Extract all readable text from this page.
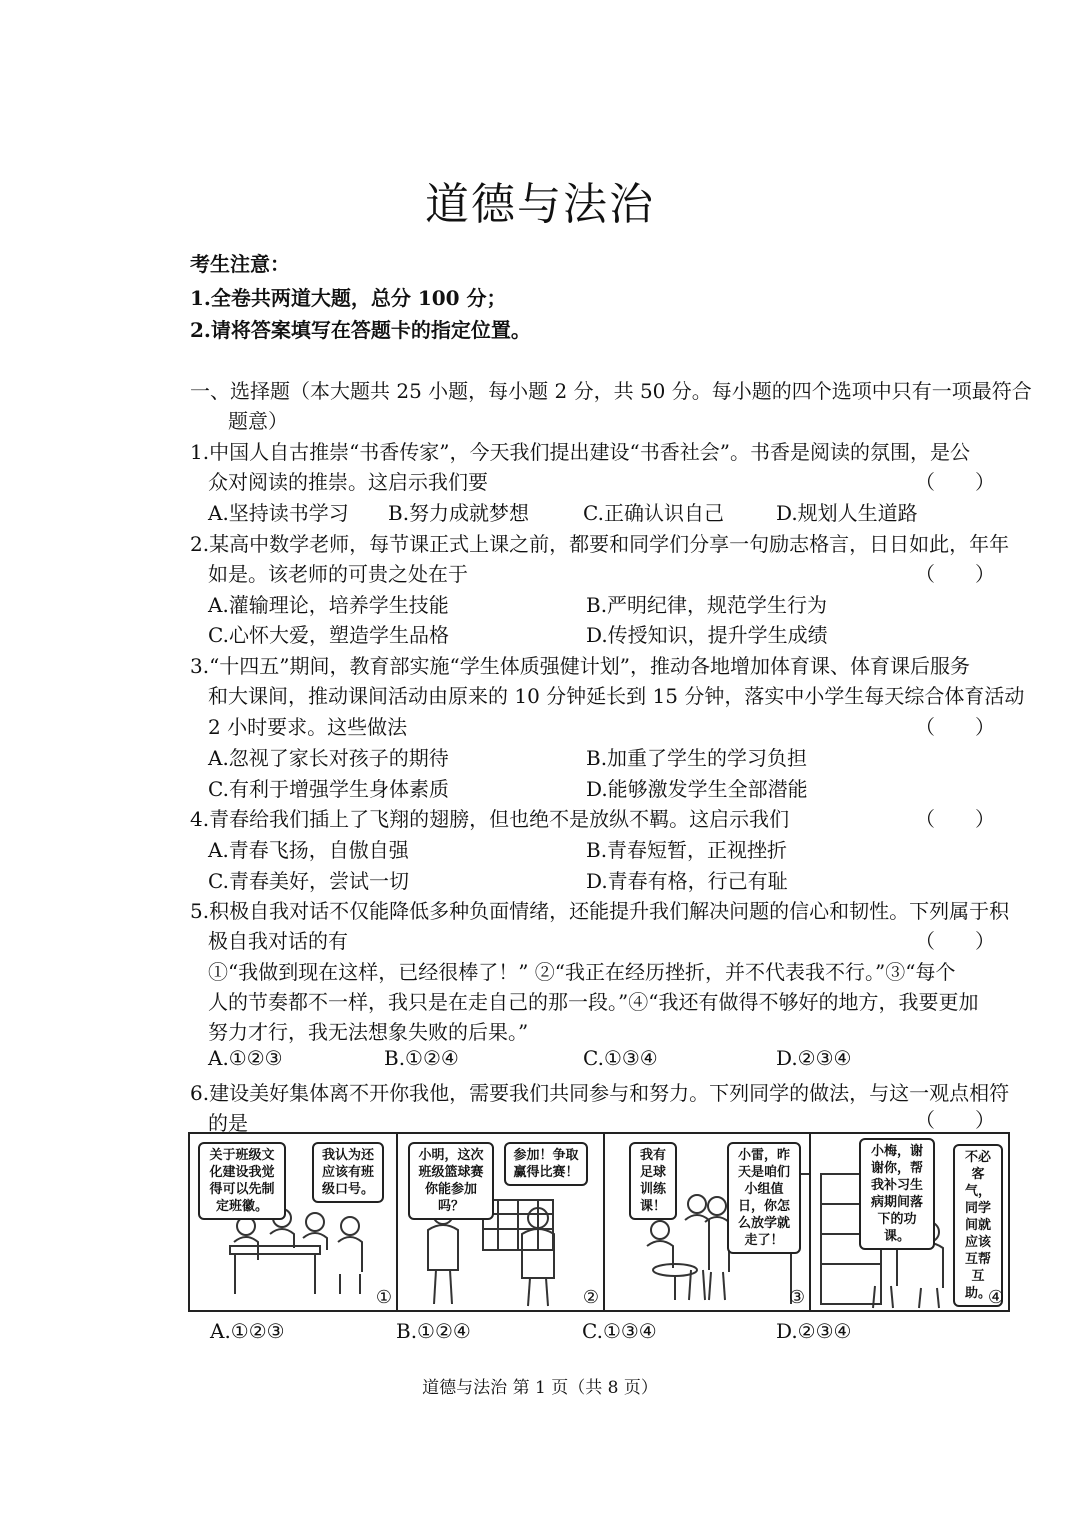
道德与法治
考生注意：
1.全卷共两道大题，总分 100 分；
2.请将答案填写在答题卡的指定位置。
一、选择题（本大题共 25 小题，每小题 2 分，共 50 分。每小题的四个选项中只有一项最符合
题意）
1.中国人自古推崇“书香传家”，今天我们提出建设“书香社会”。书香是阅读的氛围，是公
众对阅读的推崇。这启示我们要	（　　）
A.坚持读书学习 B.努力成就梦想	C.正确认识自己	D.规划人生道路
2.某高中数学老师，每节课正式上课之前，都要和同学们分享一句励志格言，日日如此，年年
如是。该老师的可贵之处在于	（　　）
A.灌输理论，培养学生技能	B.严明纪律，规范学生行为
C.心怀大爱，塑造学生品格	D.传授知识，提升学生成绩
3.“十四五”期间，教育部实施“学生体质强健计划”，推动各地增加体育课、体育课后服务
和大课间，推动课间活动由原来的 10 分钟延长到 15 分钟，落实中小学生每天综合体育活动
2 小时要求。这些做法	（　　）
A.忽视了家长对孩子的期待	B.加重了学生的学习负担
C.有利于增强学生身体素质	D.能够激发学生全部潜能
4.青春给我们插上了飞翔的翅膀，但也绝不是放纵不羁。这启示我们	（　　）
A.青春飞扬，自傲自强	B.青春短暂，正视挫折
C.青春美好，尝试一切	D.青春有格，行己有耻
5.积极自我对话不仅能降低多种负面情绪，还能提升我们解决问题的信心和韧性。下列属于积
极自我对话的有	（　　）
①“我做到现在这样，已经很棒了！” ②“我正在经历挫折，并不代表我不行。”③“每个
人的节奏都不一样，我只是在走自己的那一段。”④“我还有做得不够好的地方，我要更加
努力才行，我无法想象失败的后果。”
A.①②③	B.①②④	C.①③④	D.②③④
6.建设美好集体离不开你我他，需要我们共同参与和努力。下列同学的做法，与这一观点相符
的是	（　　）
关于班级文化建设我觉得可以先制定班徽。
我认为还应该有班级口号。
①
小明，这次班级篮球赛你能参加吗？
参加！争取赢得比赛！
②
我有足球训练课！
小雷，昨天是咱们小组值日，你怎么放学就走了！
③
小梅，谢谢你，帮我补习生病期间落下的功课。
不必客气，同学间就应该互帮互助。
④
A.①②③	B.①②④	C.①③④	D.②③④
道德与法治 第 1 页（共 8 页）
